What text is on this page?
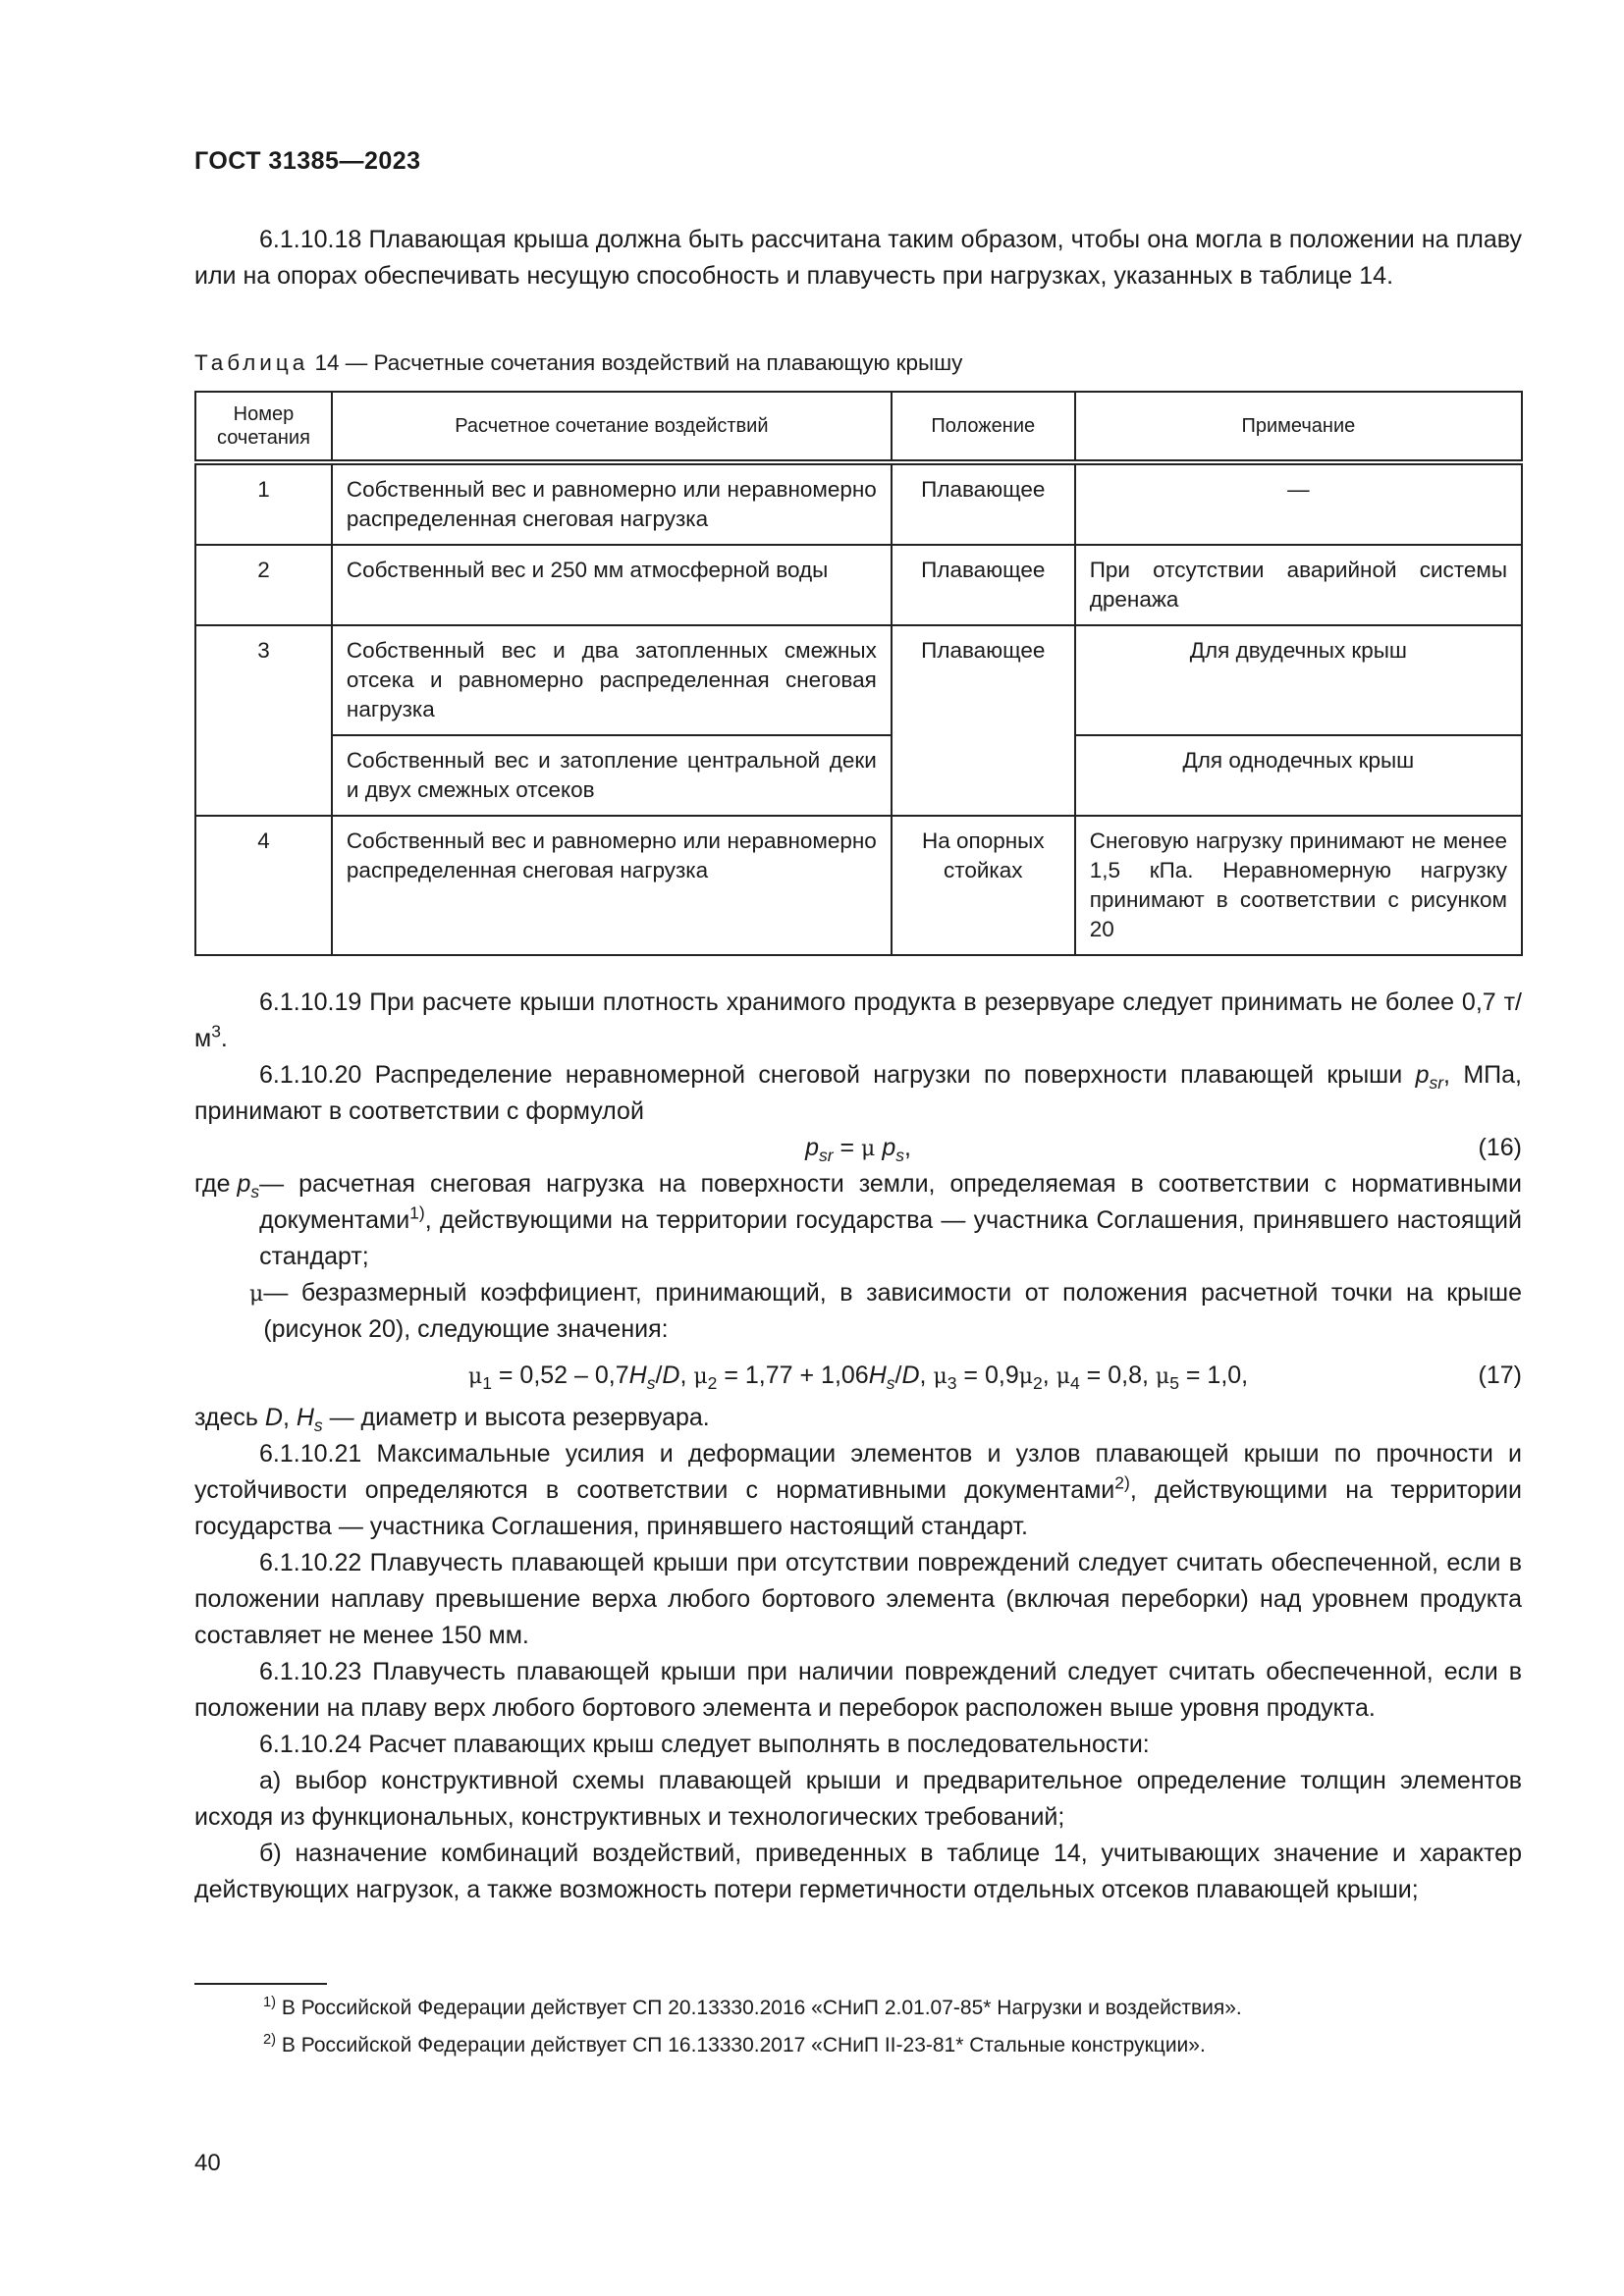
ГОСТ 31385—2023

6.1.10.18 Плавающая крыша должна быть рассчитана таким образом, чтобы она могла в положении на плаву или на опорах обеспечивать несущую способность и плавучесть при нагрузках, указанных в таблице 14.

Таблица 14 — Расчетные сочетания воздействий на плавающую крышу
Номер сочетания	Расчетное сочетание воздействий	Положение	Примечание
1	Собственный вес и равномерно или неравномерно распределенная снеговая нагрузка	Плавающее	—
2	Собственный вес и 250 мм атмосферной воды	Плавающее	При отсутствии аварийной системы дренажа
3	Собственный вес и два затопленных смежных отсека и равномерно распределенная снеговая нагрузка	Плавающее	Для двудечных крыш
	Собственный вес и затопление центральной деки и двух смежных отсеков		Для однодечных крыш
4	Собственный вес и равномерно или неравномерно распределенная снеговая нагрузка	На опорных стойках	Снеговую нагрузку принимают не менее 1,5 кПа. Неравномерную нагрузку принимают в соответствии с рисунком 20

6.1.10.19 При расчете крыши плотность хранимого продукта в резервуаре следует принимать не более 0,7 $т/м^3$.

6.1.10.20 Распределение неравномерной снеговой нагрузки по поверхности плавающей крыши $p_{sr}$, МПа, принимают в соответствии с формулой

$p_{sr} = \mu$ $p_s$,	(16)
где $p_s$ — расчетная снеговая нагрузка на поверхности земли, определяемая в соответствии с нормативными документами$^{1)}$, действующими на территории государства — участника Соглашения, принявшего настоящий стандарт;
μ — безразмерный коэффициент, принимающий, в зависимости от положения расчетной точки на крыше (рисунок 20), следующие значения:
$\mu_1 = 0,52 - 0,7H_s/D$, $\mu_2 = 1,77 + 1,06H_s/D$, $\mu_3 = 0,9\mu_2$, $\mu_4 = 0,8$, $\mu_5 = 1,0$,	(17)
здесь D, $H_s$ — диаметр и высота резервуара.

6.1.10.21 Максимальные усилия и деформации элементов и узлов плавающей крыши по прочности и устойчивости определяются в соответствии с нормативными документами$^{2)}$, действующими на территории государства — участника Соглашения, принявшего настоящий стандарт.

6.1.10.22 Плавучесть плавающей крыши при отсутствии повреждений следует считать обеспеченной, если в положении наплаву превышение верха любого бортового элемента (включая переборки) над уровнем продукта составляет не менее 150 мм.

6.1.10.23 Плавучесть плавающей крыши при наличии повреждений следует считать обеспеченной, если в положении на плаву верх любого бортового элемента и переборок расположен выше уровня продукта.

6.1.10.24 Расчет плавающих крыш следует выполнять в последовательности:

а) выбор конструктивной схемы плавающей крыши и предварительное определение толщин элементов исходя из функциональных, конструктивных и технологических требований;

б) назначение комбинаций воздействий, приведенных в таблице 14, учитывающих значение и характер действующих нагрузок, а также возможность потери герметичности отдельных отсеков плавающей крыши;

$^{1)}$ В Российской Федерации действует СП 20.13330.2016 «СНиП 2.01.07-85* Нагрузки и воздействия».
$^{2)}$ В Российской Федерации действует СП 16.13330.2017 «СНиП II-23-81* Стальные конструкции».
40
